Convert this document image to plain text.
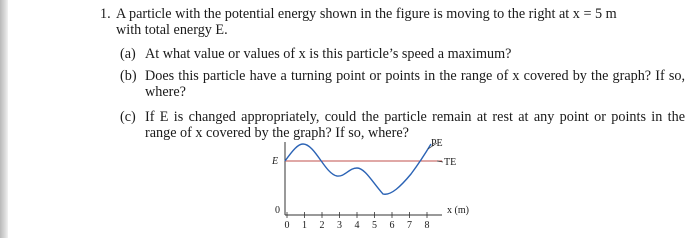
1. A particle with the potential energy shown in the figure is moving to the right at x = 5 m
with total energy E.
(a) At what value or values of x is this particle’s speed a maximum?
(b) Does this particle have a turning point or points in the range of x covered by the graph? If so, where?
(c) If E is changed appropriately, could the particle remain at rest at any point or points in the range of x covered by the graph? If so, where?
PE
E	TE
0	x (m)
0 1 2 3 4 5 6 7 8
